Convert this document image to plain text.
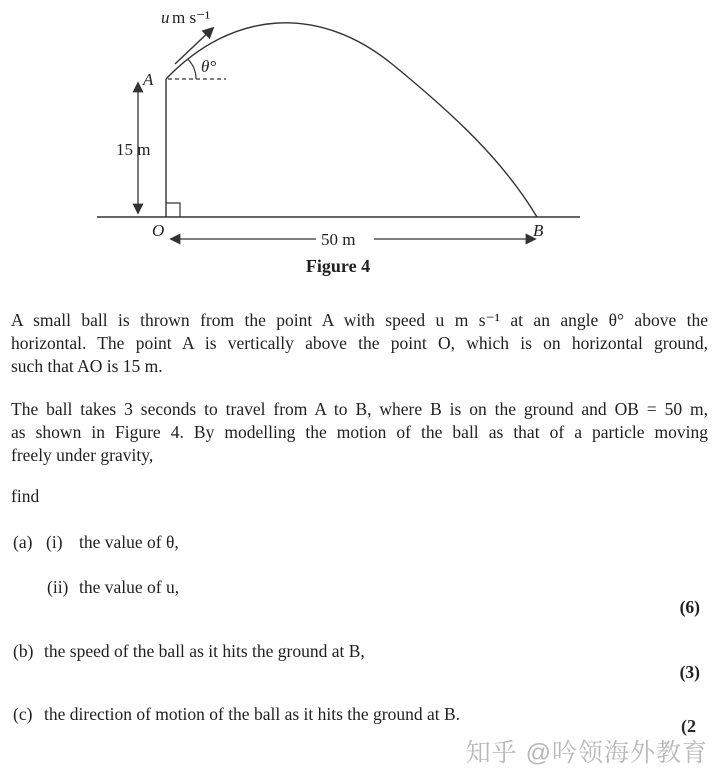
u m s⁻¹
θ°
A
15 m
O	B
50 m
Figure 4
A small ball is thrown from the point A with speed u m s⁻¹ at an angle θ° above the
horizontal. The point A is vertically above the point O, which is on horizontal ground,
such that AO is 15 m.
The ball takes 3 seconds to travel from A to B, where B is on the ground and OB = 50 m,
as shown in Figure 4. By modelling the motion of the ball as that of a particle moving
freely under gravity,
find
(a) (i) the value of θ,
(ii) the value of u,
(6)
(b) the speed of the ball as it hits the ground at B,
(3)
(c) the direction of motion of the ball as it hits the ground at B.
(2
知乎 @吟领海外教育
